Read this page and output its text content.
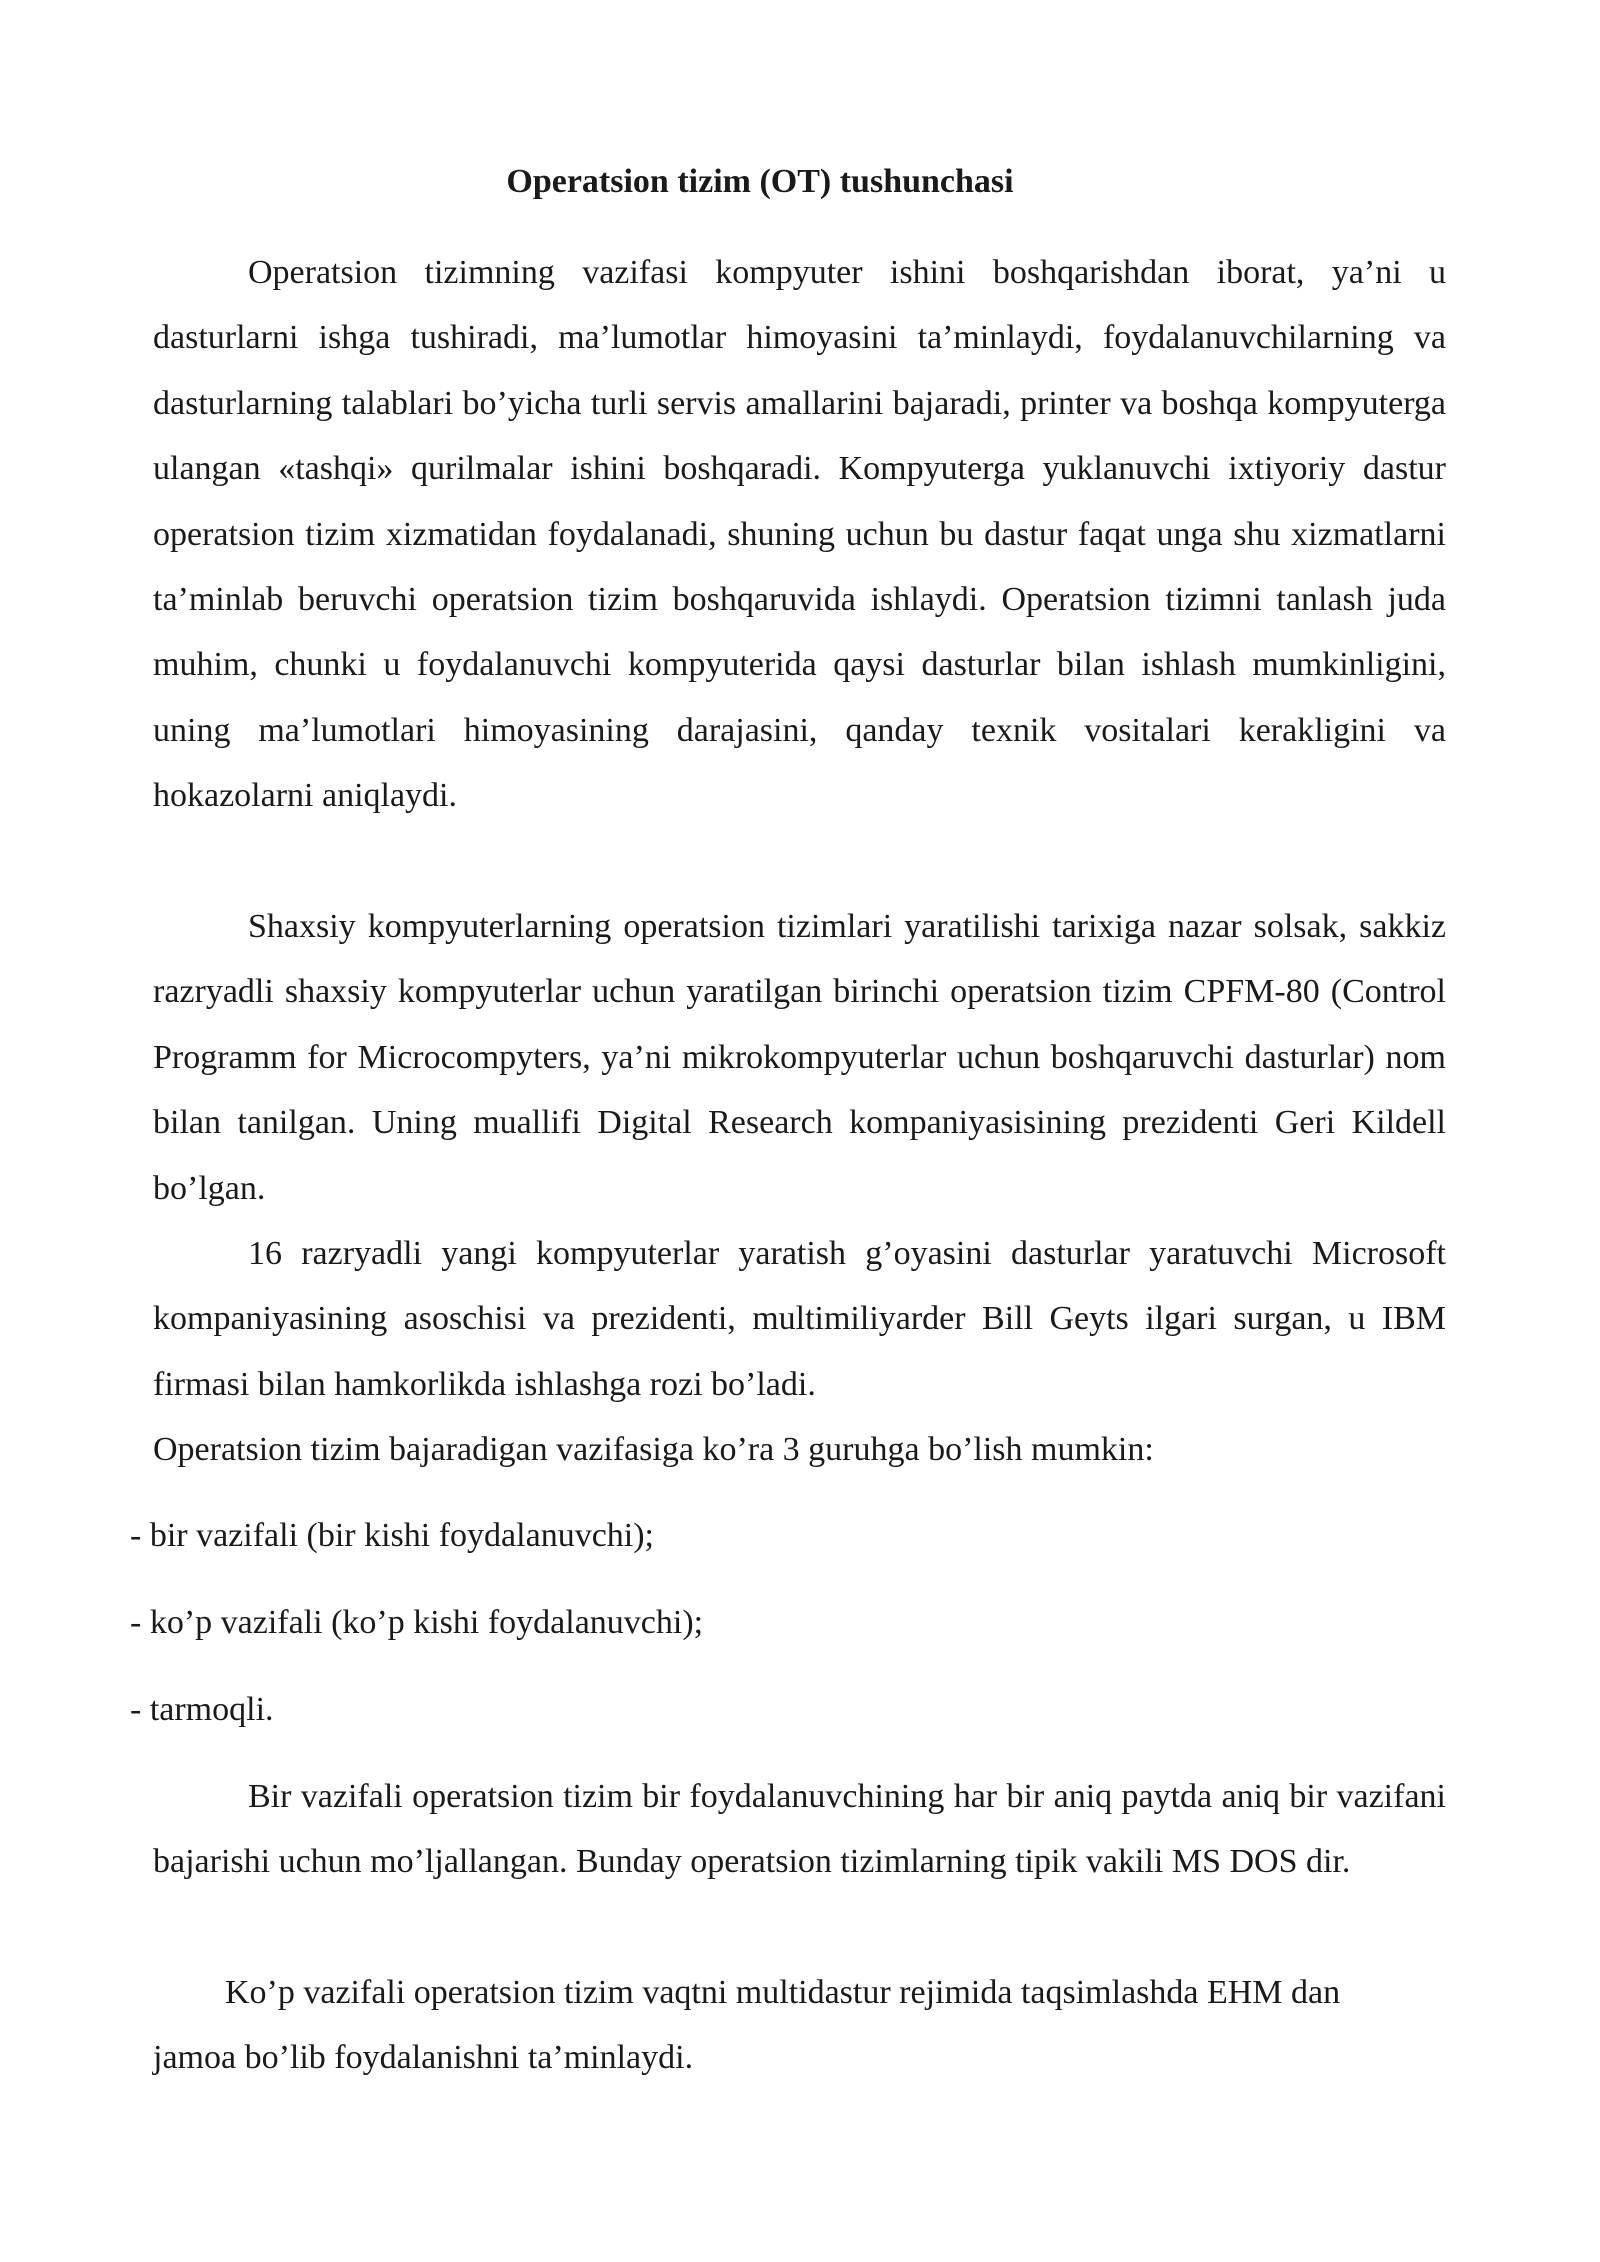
Operatsion tizim (OT) tushunchasi

Operatsion tizimning vazifasi kompyuter ishini boshqarishdan iborat, ya’ni u dasturlarni ishga tushiradi, ma’lumotlar himoyasini ta’minlaydi, foydalanuvchilarning va dasturlarning talablari bo’yicha turli servis amallarini bajaradi, printer va boshqa kompyuterga ulangan «tashqi» qurilmalar ishini boshqaradi. Kompyuterga yuklanuvchi ixtiyoriy dastur operatsion tizim xizmatidan foydalanadi, shuning uchun bu dastur faqat unga shu xizmatlarni ta’minlab beruvchi operatsion tizim boshqaruvida ishlaydi. Operatsion tizimni tanlash juda muhim, chunki u foydalanuvchi kompyuterida qaysi dasturlar bilan ishlash mumkinligini, uning ma’lumotlari himoyasining darajasini, qanday texnik vositalari kerakligini va hokazolarni aniqlaydi.

Shaxsiy kompyuterlarning operatsion tizimlari yaratilishi tarixiga nazar solsak, sakkiz razryadli shaxsiy kompyuterlar uchun yaratilgan birinchi operatsion tizim CPFM-80 (Control Programm for Microcompyters, ya’ni mikrokompyuterlar uchun boshqaruvchi dasturlar) nom bilan tanilgan. Uning muallifi Digital Research kompaniyasisining prezidenti Geri Kildell bo’lgan.

16 razryadli yangi kompyuterlar yaratish g’oyasini dasturlar yaratuvchi Microsoft kompaniyasining asoschisi va prezidenti, multimiliyarder Bill Geyts ilgari surgan, u IBM firmasi bilan hamkorlikda ishlashga rozi bo’ladi.

Operatsion tizim bajaradigan vazifasiga ko’ra 3 guruhga bo’lish mumkin:

- bir vazifali (bir kishi foydalanuvchi);
- ko’p vazifali (ko’p kishi foydalanuvchi);
- tarmoqli.

Bir vazifali operatsion tizim bir foydalanuvchining har bir aniq paytda aniq bir vazifani bajarishi uchun mo’ljallangan. Bunday operatsion tizimlarning tipik vakili MS DOS dir.

Ko’p vazifali operatsion tizim vaqtni multidastur rejimida taqsimlashda EHM dan jamoa bo’lib foydalanishni ta’minlaydi.
